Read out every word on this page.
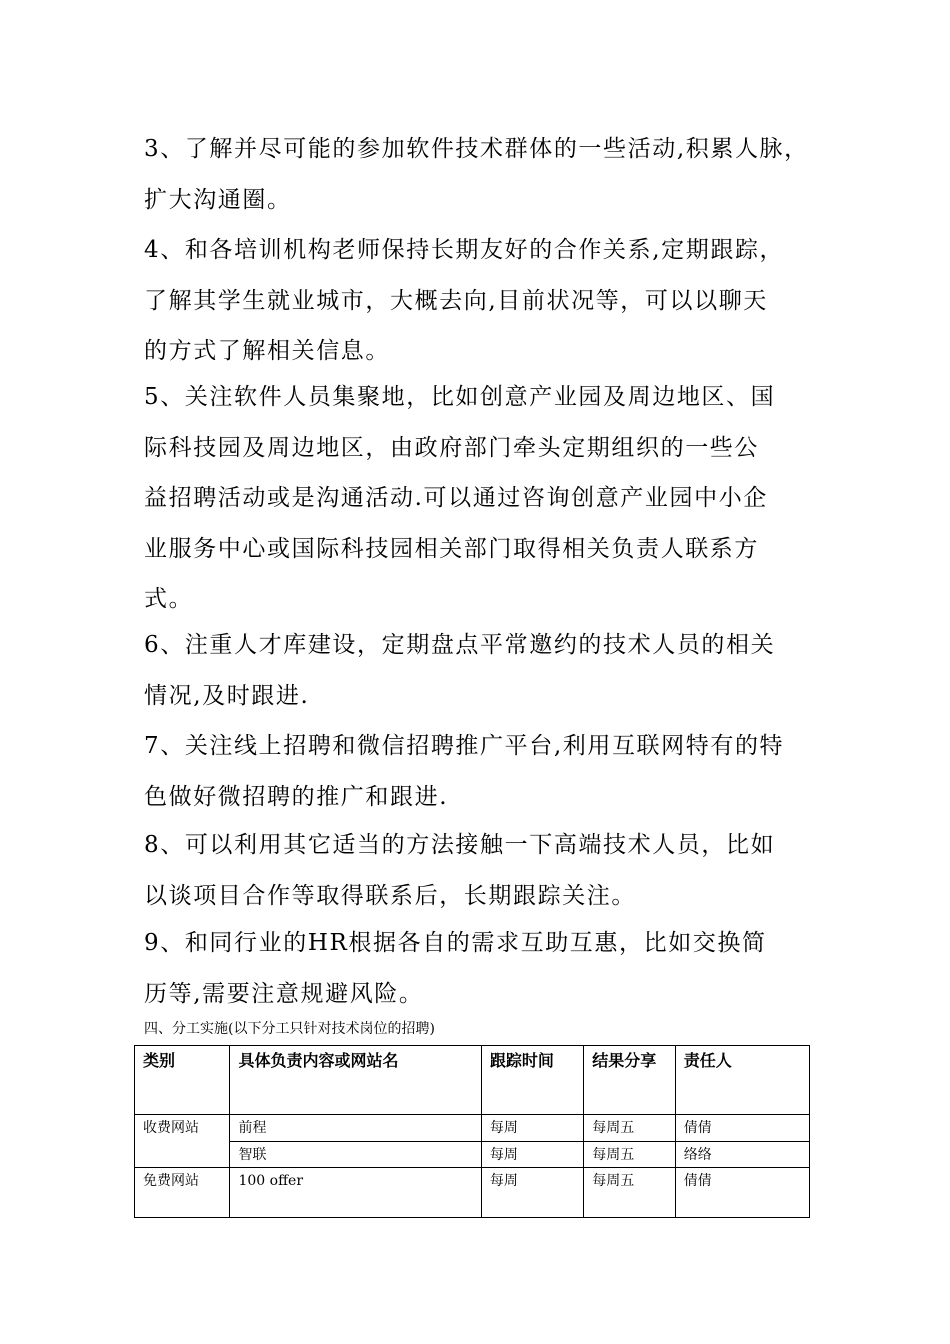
3、了解并尽可能的参加软件技术群体的一些活动,积累人脉，
扩大沟通圈。
4、和各培训机构老师保持长期友好的合作关系,定期跟踪，
了解其学生就业城市，大概去向,目前状况等，可以以聊天
的方式了解相关信息。
5、关注软件人员集聚地，比如创意产业园及周边地区、国
际科技园及周边地区，由政府部门牵头定期组织的一些公
益招聘活动或是沟通活动.可以通过咨询创意产业园中小企
业服务中心或国际科技园相关部门取得相关负责人联系方
式。
6、注重人才库建设，定期盘点平常邀约的技术人员的相关
情况,及时跟进.
7、关注线上招聘和微信招聘推广平台,利用互联网特有的特
色做好微招聘的推广和跟进.
8、可以利用其它适当的方法接触一下高端技术人员，比如
以谈项目合作等取得联系后，长期跟踪关注。
9、和同行业的HR根据各自的需求互助互惠，比如交换简
历等,需要注意规避风险。
四、分工实施(以下分工只针对技术岗位的招聘)
类别	具体负责内容或网站名	跟踪时间	结果分享	责任人
收费网站	前程	每周	每周五	倩倩
	智联	每周	每周五	络络
免费网站	100 offer	每周	每周五	倩倩
